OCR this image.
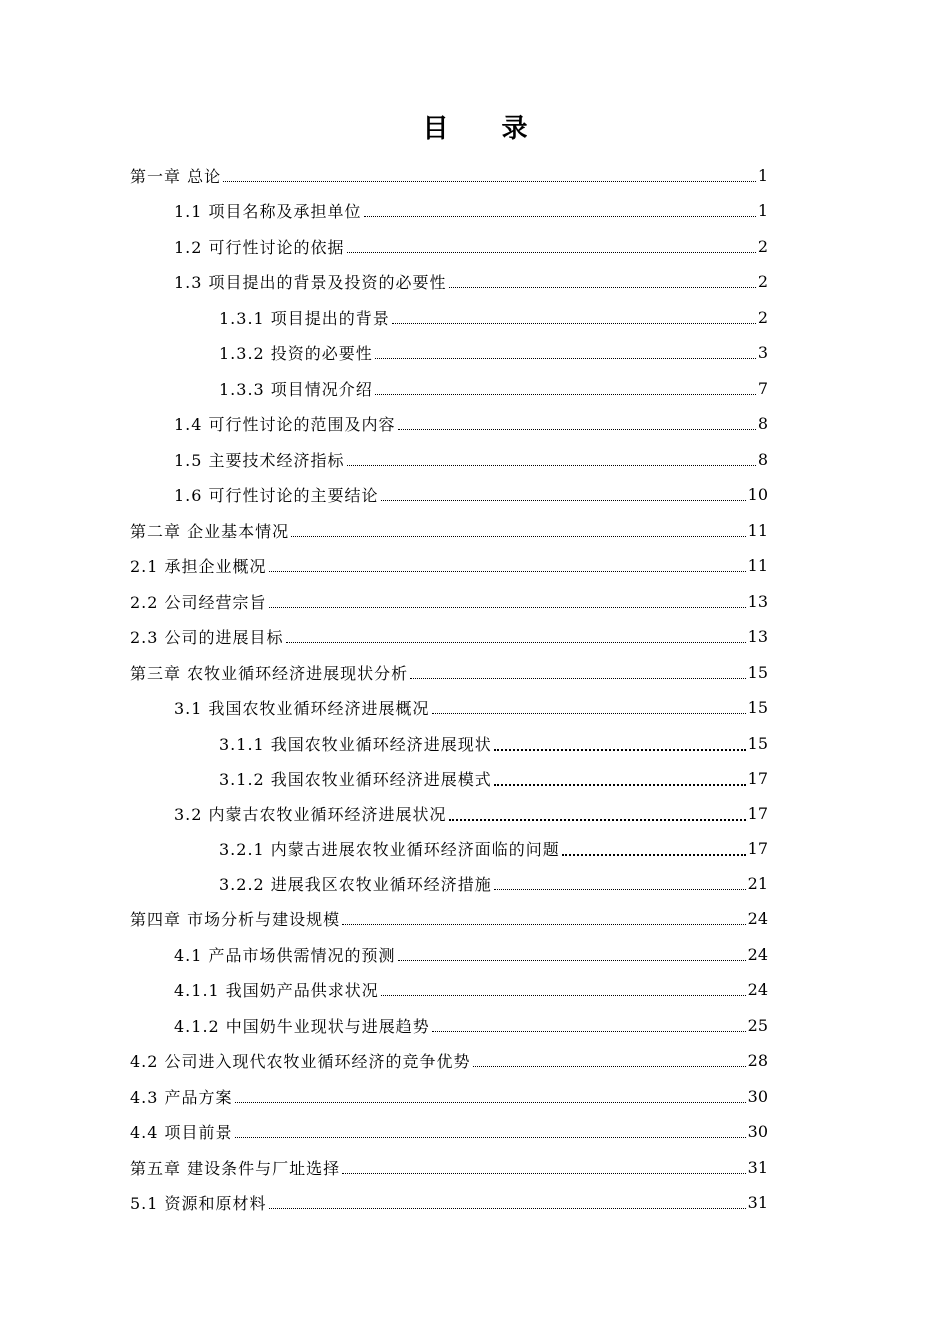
目 录
第一章 总论	1
1.1 项目名称及承担单位	1
1.2 可行性讨论的依据	2
1.3 项目提出的背景及投资的必要性	2
1.3.1 项目提出的背景	2
1.3.2 投资的必要性	3
1.3.3 项目情况介绍	7
1.4 可行性讨论的范围及内容	8
1.5 主要技术经济指标	8
1.6 可行性讨论的主要结论	10
第二章 企业基本情况	11
2.1 承担企业概况	11
2.2 公司经营宗旨	13
2.3 公司的进展目标	13
第三章 农牧业循环经济进展现状分析	15
3.1 我国农牧业循环经济进展概况	15
3.1.1 我国农牧业循环经济进展现状	15
3.1.2 我国农牧业循环经济进展模式	17
3.2 内蒙古农牧业循环经济进展状况	17
3.2.1 内蒙古进展农牧业循环经济面临的问题	17
3.2.2 进展我区农牧业循环经济措施	21
第四章 市场分析与建设规模	24
4.1 产品市场供需情况的预测	24
4.1.1 我国奶产品供求状况	24
4.1.2 中国奶牛业现状与进展趋势	25
4.2 公司进入现代农牧业循环经济的竞争优势	28
4.3 产品方案	30
4.4 项目前景	30
第五章 建设条件与厂址选择	31
5.1 资源和原材料	31
